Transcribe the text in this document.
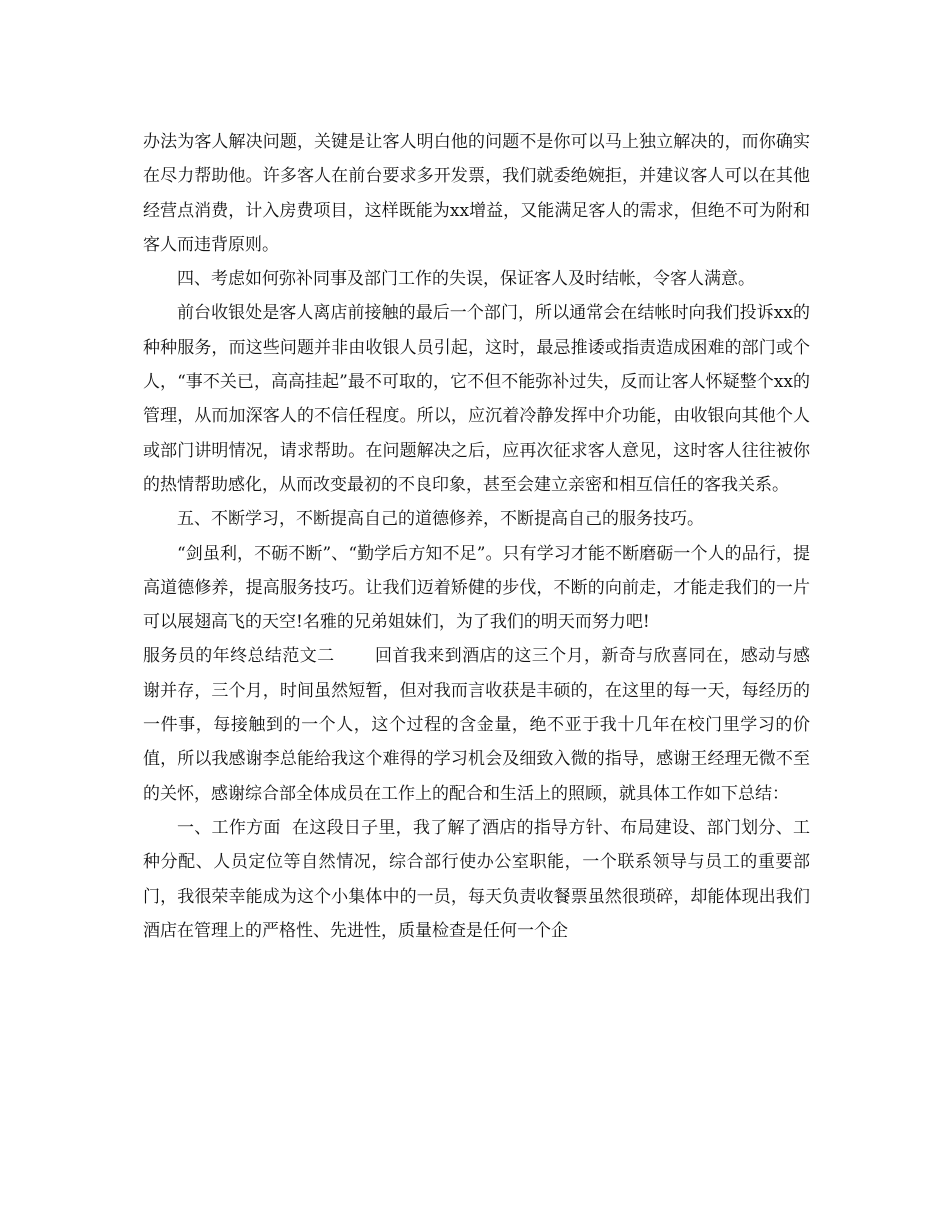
办法为客人解决问题，关键是让客人明白他的问题不是你可以马上独立解决的，而你确实在尽力帮助他。许多客人在前台要求多开发票，我们就委绝婉拒，并建议客人可以在其他经营点消费，计入房费项目，这样既能为xx增益，又能满足客人的需求，但绝不可为附和客人而违背原则。

四、考虑如何弥补同事及部门工作的失误，保证客人及时结帐，令客人满意。

前台收银处是客人离店前接触的最后一个部门，所以通常会在结帐时向我们投诉xx的种种服务，而这些问题并非由收银人员引起，这时，最忌推诿或指责造成困难的部门或个人，“事不关已，高高挂起”最不可取的，它不但不能弥补过失，反而让客人怀疑整个xx的管理，从而加深客人的不信任程度。所以，应沉着冷静发挥中介功能，由收银向其他个人或部门讲明情况，请求帮助。在问题解决之后，应再次征求客人意见，这时客人往往被你的热情帮助感化，从而改变最初的不良印象，甚至会建立亲密和相互信任的客我关系。

五、不断学习，不断提高自己的道德修养，不断提高自己的服务技巧。

“剑虽利，不砺不断”、“勤学后方知不足”。只有学习才能不断磨砺一个人的品行，提高道德修养，提高服务技巧。让我们迈着矫健的步伐，不断的向前走，才能走我们的一片可以展翅高飞的天空!名雅的兄弟姐妹们，为了我们的明天而努力吧!

服务员的年终总结范文二 回首我来到酒店的这三个月，新奇与欣喜同在，感动与感谢并存，三个月，时间虽然短暂，但对我而言收获是丰硕的，在这里的每一天，每经历的一件事，每接触到的一个人，这个过程的含金量，绝不亚于我十几年在校门里学习的价值，所以我感谢李总能给我这个难得的学习机会及细致入微的指导，感谢王经理无微不至的关怀，感谢综合部全体成员在工作上的配合和生活上的照顾，就具体工作如下总结：

一、工作方面 在这段日子里，我了解了酒店的指导方针、布局建设、部门划分、工种分配、人员定位等自然情况，综合部行使办公室职能，一个联系领导与员工的重要部门，我很荣幸能成为这个小集体中的一员，每天负责收餐票虽然很琐碎，却能体现出我们酒店在管理上的严格性、先进性，质量检查是任何一个企
